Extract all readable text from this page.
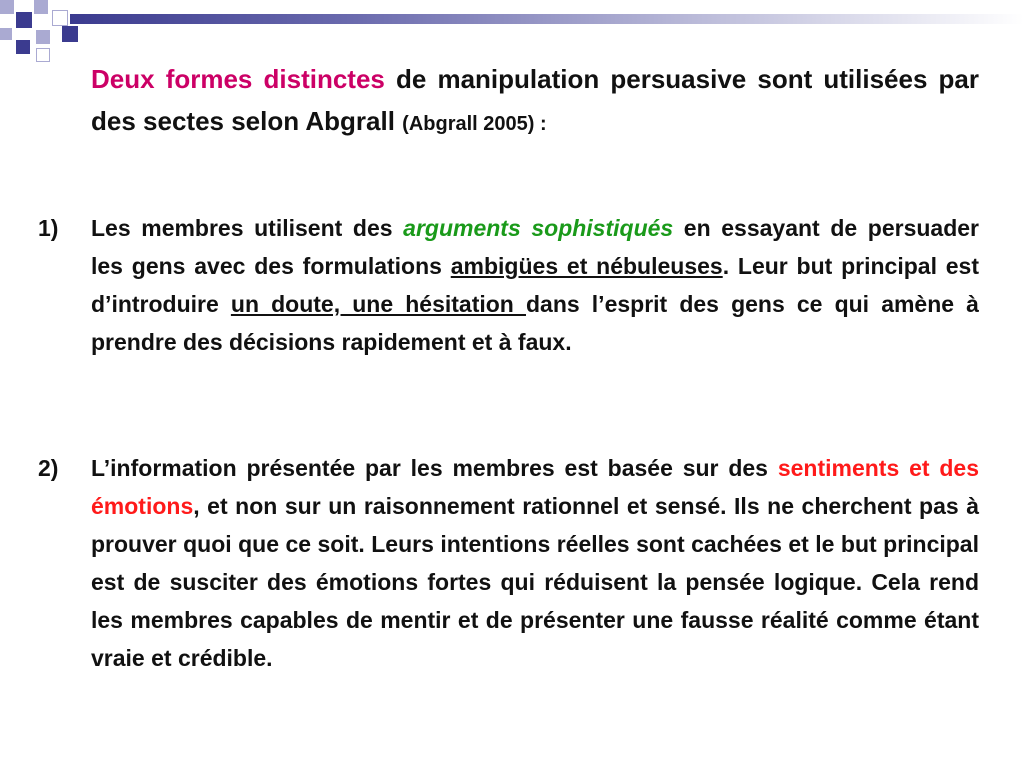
Deux formes distinctes de manipulation persuasive sont utilisées par des sectes selon Abgrall (Abgrall 2005) :

1) Les membres utilisent des arguments sophistiqués en essayant de persuader les gens avec des formulations ambigües et nébuleuses. Leur but principal est d’introduire un doute, une hésitation dans l’esprit des gens ce qui amène à prendre des décisions rapidement et à faux.

2) L’information présentée par les membres est basée sur des sentiments et des émotions, et non sur un raisonnement rationnel et sensé. Ils ne cherchent pas à prouver quoi que ce soit. Leurs intentions réelles sont cachées et le but principal est de susciter des émotions fortes qui réduisent la pensée logique. Cela rend les membres capables de mentir et de présenter une fausse réalité comme étant vraie et crédible.
